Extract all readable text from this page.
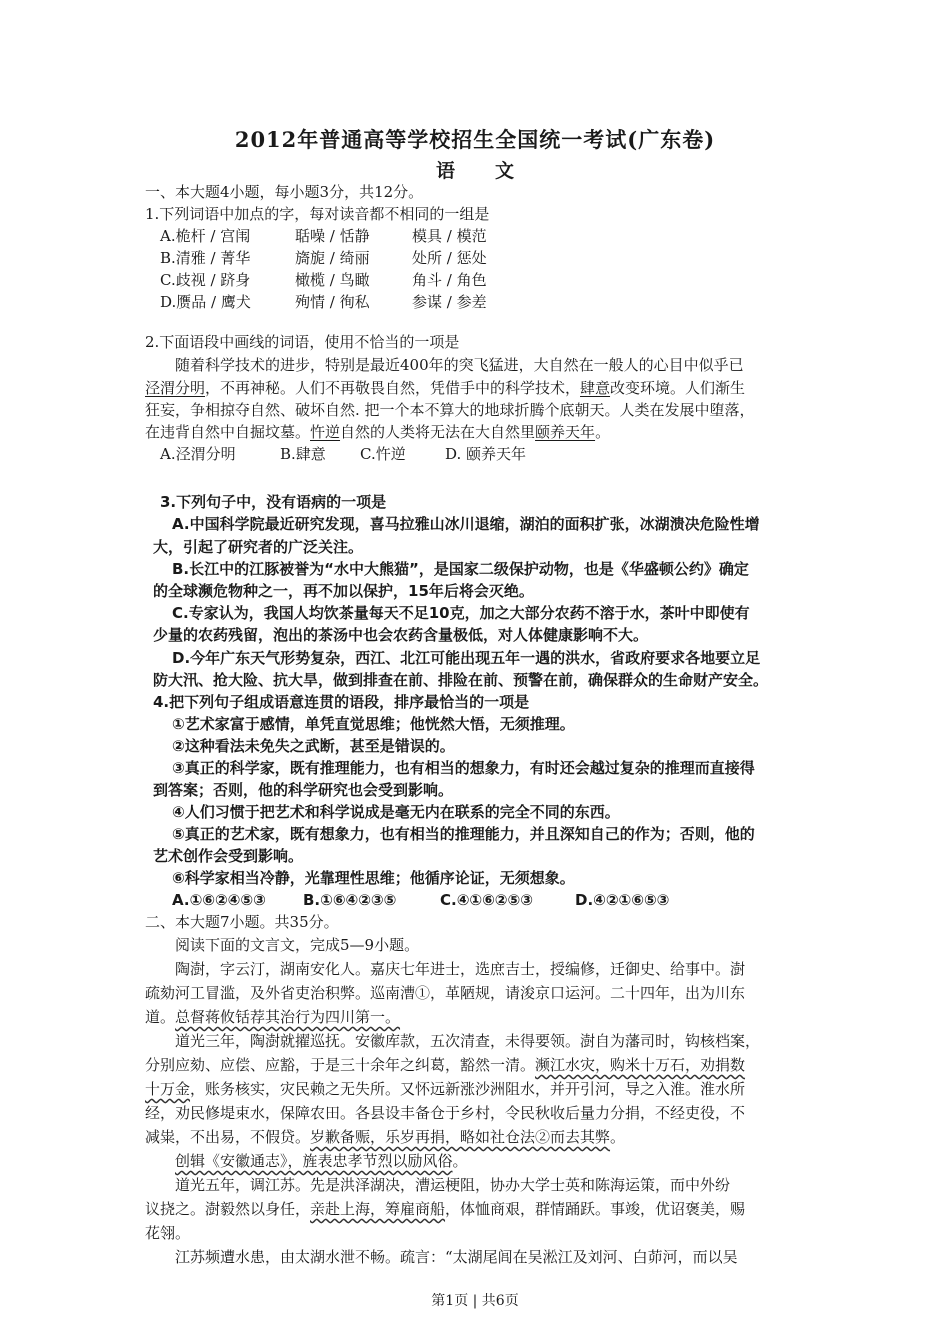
2012年普通高等学校招生全国统一考试(广东卷)
语文
一、本大题4小题，每小题3分，共12分。
1.下列词语中加点的字，每对读音都不相同的一组是
A.桅杆 / 宫闱	聒噪 / 恬静	模具 / 模范
B.清雅 / 菁华	旖旎 / 绮丽	处所 / 惩处
C.歧视 / 跻身	橄榄 / 鸟瞰	角斗 / 角色
D.赝品 / 鹰犬	殉情 / 徇私	参谋 / 参差
2.下面语段中画线的词语，使用不恰当的一项是
随着科学技术的进步，特别是最近400年的突飞猛进，大自然在一般人的心目中似乎已
泾渭分明，不再神秘。人们不再敬畏自然，凭借手中的科学技术，肆意改变环境。人们渐生
狂妄，争相掠夺自然、破坏自然. 把一个本不算大的地球折腾个底朝天。人类在发展中堕落，
在违背自然中自掘坟墓。忤逆自然的人类将无法在大自然里颐养天年。
A.泾渭分明	B.肆意 C.忤逆	D. 颐养天年
3.下列句子中，没有语病的一项是
A.中国科学院最近研究发现，喜马拉雅山冰川退缩，湖泊的面积扩张，冰湖溃决危险性增
大，引起了研究者的广泛关注。
B.长江中的江豚被誉为“水中大熊猫”，是国家二级保护动物，也是《华盛顿公约》确定
的全球濒危物种之一，再不加以保护，15年后将会灭绝。
C.专家认为，我国人均饮茶量每天不足10克，加之大部分农药不溶于水，茶叶中即使有
少量的农药残留，泡出的茶汤中也会农药含量极低，对人体健康影响不大。
D.今年广东天气形势复杂，西江、北江可能出现五年一遇的洪水，省政府要求各地要立足
防大汛、抢大险、抗大旱，做到排查在前、排险在前、预警在前，确保群众的生命财产安全。
4.把下列句子组成语意连贯的语段，排序最恰当的一项是
①艺术家富于感情，单凭直觉思维；他恍然大悟，无须推理。
②这种看法未免失之武断，甚至是错误的。
③真正的科学家，既有推理能力，也有相当的想象力，有时还会越过复杂的推理而直接得
到答案；否则，他的科学研究也会受到影响。
④人们习惯于把艺术和科学说成是毫无内在联系的完全不同的东西。
⑤真正的艺术家，既有想象力，也有相当的推理能力，并且深知自己的作为；否则，他的
艺术创作会受到影响。
⑥科学家相当冷静，光靠理性思维；他循序论证，无须想象。
A.①⑥②④⑤③ B.①⑥④②③⑤	C.④①⑥②⑤③	D.④②①⑥⑤③
二、本大题7小题。共35分。
阅读下面的文言文，完成5—9小题。
陶澍，字云汀，湖南安化人。嘉庆七年进士，选庶吉士，授编修，迁御史、给事中。澍
疏劾河工冒滥，及外省吏治积弊。巡南漕①，革陋规，请浚京口运河。二十四年，出为川东
道。总督蒋攸铦荐其治行为四川第一。
道光三年，陶澍就擢巡抚。安徽库款，五次清查，未得要领。澍自为藩司时，钩核档案，
分别应劾、应偿、应豁，于是三十余年之纠葛，豁然一清。濒江水灾，购米十万石，劝捐数
十万金，账务核实，灾民赖之无失所。又怀远新涨沙洲阻水，并开引河，导之入淮。淮水所
经，劝民修堤束水，保障农田。各县设丰备仓于乡村，令民秋收后量力分捐，不经吏役，不
减粜，不出易，不假贷。岁歉备赈，乐岁再捐，略如社仓法②而去其弊。
创辑《安徽通志》，旌表忠孝节烈以励风俗。
道光五年，调江苏。先是洪泽湖决，漕运梗阻，协办大学士英和陈海运策，而中外纷
议挠之。澍毅然以身任，亲赴上海，筹雇商船，体恤商艰，群情踊跃。事竣，优诏褒美，赐
花翎。
江苏频遭水患，由太湖水泄不畅。疏言：“太湖尾闾在吴淞江及刘河、白茆河，而以吴
第1页 | 共6页
